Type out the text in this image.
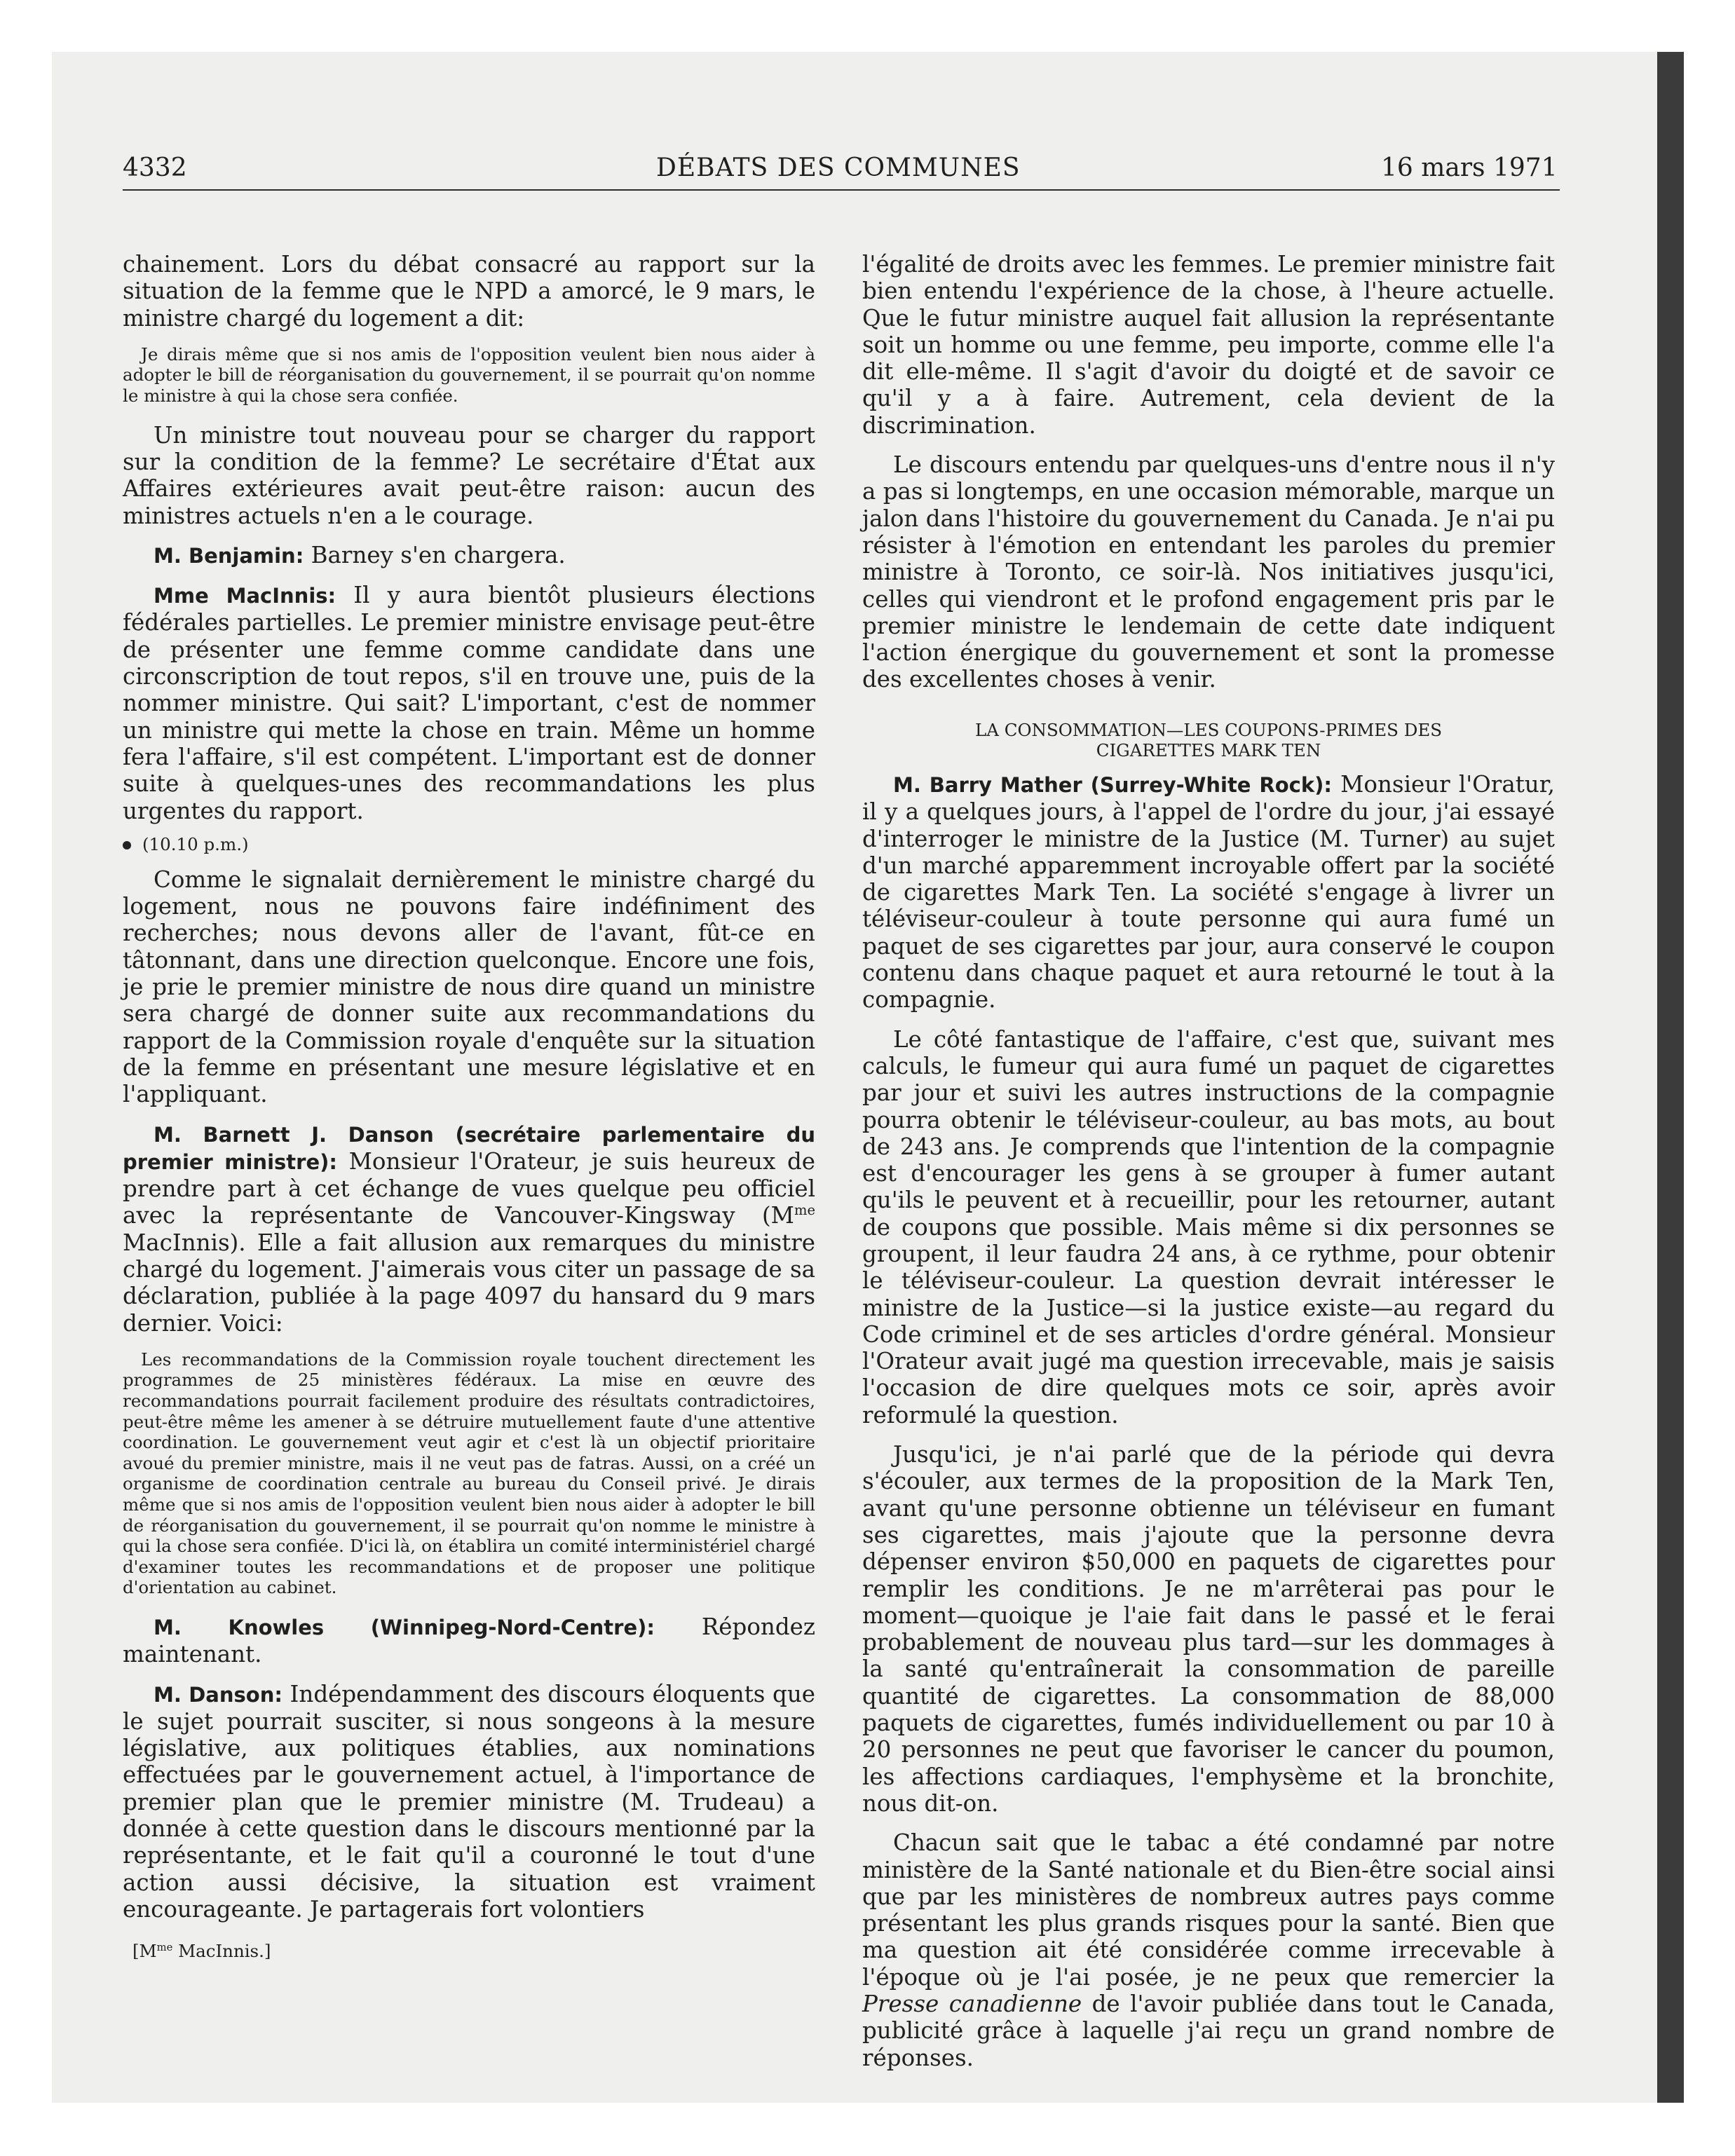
4332	DÉBATS DES COMMUNES	16 mars 1971

chainement. Lors du débat consacré au rapport sur la situation de la femme que le NPD a amorcé, le 9 mars, le ministre chargé du logement a dit:

Je dirais même que si nos amis de l'opposition veulent bien nous aider à adopter le bill de réorganisation du gouvernement, il se pourrait qu'on nomme le ministre à qui la chose sera confiée.

Un ministre tout nouveau pour se charger du rapport sur la condition de la femme? Le secrétaire d'État aux Affaires extérieures avait peut-être raison: aucun des ministres actuels n'en a le courage.

M. Benjamin: Barney s'en chargera.

Mme MacInnis: Il y aura bientôt plusieurs élections fédérales partielles. Le premier ministre envisage peut-être de présenter une femme comme candidate dans une circonscription de tout repos, s'il en trouve une, puis de la nommer ministre. Qui sait? L'important, c'est de nommer un ministre qui mette la chose en train. Même un homme fera l'affaire, s'il est compétent. L'important est de donner suite à quelques-unes des recommandations les plus urgentes du rapport.

(10.10 p.m.)

Comme le signalait dernièrement le ministre chargé du logement, nous ne pouvons faire indéfiniment des recherches; nous devons aller de l'avant, fût-ce en tâtonnant, dans une direction quelconque. Encore une fois, je prie le premier ministre de nous dire quand un ministre sera chargé de donner suite aux recommandations du rapport de la Commission royale d'enquête sur la situation de la femme en présentant une mesure législative et en l'appliquant.

M. Barnett J. Danson (secrétaire parlementaire du premier ministre): Monsieur l'Orateur, je suis heureux de prendre part à cet échange de vues quelque peu officiel avec la représentante de Vancouver-Kingsway ($M^{me}$ MacInnis). Elle a fait allusion aux remarques du ministre chargé du logement. J'aimerais vous citer un passage de sa déclaration, publiée à la page 4097 du hansard du 9 mars dernier. Voici:

Les recommandations de la Commission royale touchent directement les programmes de 25 ministères fédéraux. La mise en œuvre des recommandations pourrait facilement produire des résultats contradictoires, peut-être même les amener à se détruire mutuellement faute d'une attentive coordination. Le gouvernement veut agir et c'est là un objectif prioritaire avoué du premier ministre, mais il ne veut pas de fatras. Aussi, on a créé un organisme de coordination centrale au bureau du Conseil privé. Je dirais même que si nos amis de l'opposition veulent bien nous aider à adopter le bill de réorganisation du gouvernement, il se pourrait qu'on nomme le ministre à qui la chose sera confiée. D'ici là, on établira un comité interministériel chargé d'examiner toutes les recommandations et de proposer une politique d'orientation au cabinet.

M. Knowles (Winnipeg-Nord-Centre): Répondez maintenant.

M. Danson: Indépendamment des discours éloquents que le sujet pourrait susciter, si nous songeons à la mesure législative, aux politiques établies, aux nominations effectuées par le gouvernement actuel, à l'importance de premier plan que le premier ministre (M. Trudeau) a donnée à cette question dans le discours mentionné par la représentante, et le fait qu'il a couronné le tout d'une action aussi décisive, la situation est vraiment encourageante. Je partagerais fort volontiers

[$M^{me}$ MacInnis.]

l'égalité de droits avec les femmes. Le premier ministre fait bien entendu l'expérience de la chose, à l'heure actuelle. Que le futur ministre auquel fait allusion la représentante soit un homme ou une femme, peu importe, comme elle l'a dit elle-même. Il s'agit d'avoir du doigté et de savoir ce qu'il y a à faire. Autrement, cela devient de la discrimination.

Le discours entendu par quelques-uns d'entre nous il n'y a pas si longtemps, en une occasion mémorable, marque un jalon dans l'histoire du gouvernement du Canada. Je n'ai pu résister à l'émotion en entendant les paroles du premier ministre à Toronto, ce soir-là. Nos initiatives jusqu'ici, celles qui viendront et le profond engagement pris par le premier ministre le lendemain de cette date indiquent l'action énergique du gouvernement et sont la promesse des excellentes choses à venir.

LA CONSOMMATION—LES COUPONS-PRIMES DES
CIGARETTES MARK TEN

M. Barry Mather (Surrey-White Rock): Monsieur l'Oratur, il y a quelques jours, à l'appel de l'ordre du jour, j'ai essayé d'interroger le ministre de la Justice (M. Turner) au sujet d'un marché apparemment incroyable offert par la société de cigarettes Mark Ten. La société s'engage à livrer un téléviseur-couleur à toute personne qui aura fumé un paquet de ses cigarettes par jour, aura conservé le coupon contenu dans chaque paquet et aura retourné le tout à la compagnie.

Le côté fantastique de l'affaire, c'est que, suivant mes calculs, le fumeur qui aura fumé un paquet de cigarettes par jour et suivi les autres instructions de la compagnie pourra obtenir le téléviseur-couleur, au bas mots, au bout de 243 ans. Je comprends que l'intention de la compagnie est d'encourager les gens à se grouper à fumer autant qu'ils le peuvent et à recueillir, pour les retourner, autant de coupons que possible. Mais même si dix personnes se groupent, il leur faudra 24 ans, à ce rythme, pour obtenir le téléviseur-couleur. La question devrait intéresser le ministre de la Justice—si la justice existe—au regard du Code criminel et de ses articles d'ordre général. Monsieur l'Orateur avait jugé ma question irrecevable, mais je saisis l'occasion de dire quelques mots ce soir, après avoir reformulé la question.

Jusqu'ici, je n'ai parlé que de la période qui devra s'écouler, aux termes de la proposition de la Mark Ten, avant qu'une personne obtienne un téléviseur en fumant ses cigarettes, mais j'ajoute que la personne devra dépenser environ $50,000 en paquets de cigarettes pour remplir les conditions. Je ne m'arrêterai pas pour le moment—quoique je l'aie fait dans le passé et le ferai probablement de nouveau plus tard—sur les dommages à la santé qu'entraînerait la consommation de pareille quantité de cigarettes. La consommation de 88,000 paquets de cigarettes, fumés individuellement ou par 10 à 20 personnes ne peut que favoriser le cancer du poumon, les affections cardiaques, l'emphysème et la bronchite, nous dit-on.

Chacun sait que le tabac a été condamné par notre ministère de la Santé nationale et du Bien-être social ainsi que par les ministères de nombreux autres pays comme présentant les plus grands risques pour la santé. Bien que ma question ait été considérée comme irrecevable à l'époque où je l'ai posée, je ne peux que remercier la Presse canadienne de l'avoir publiée dans tout le Canada, publicité grâce à laquelle j'ai reçu un grand nombre de réponses.
